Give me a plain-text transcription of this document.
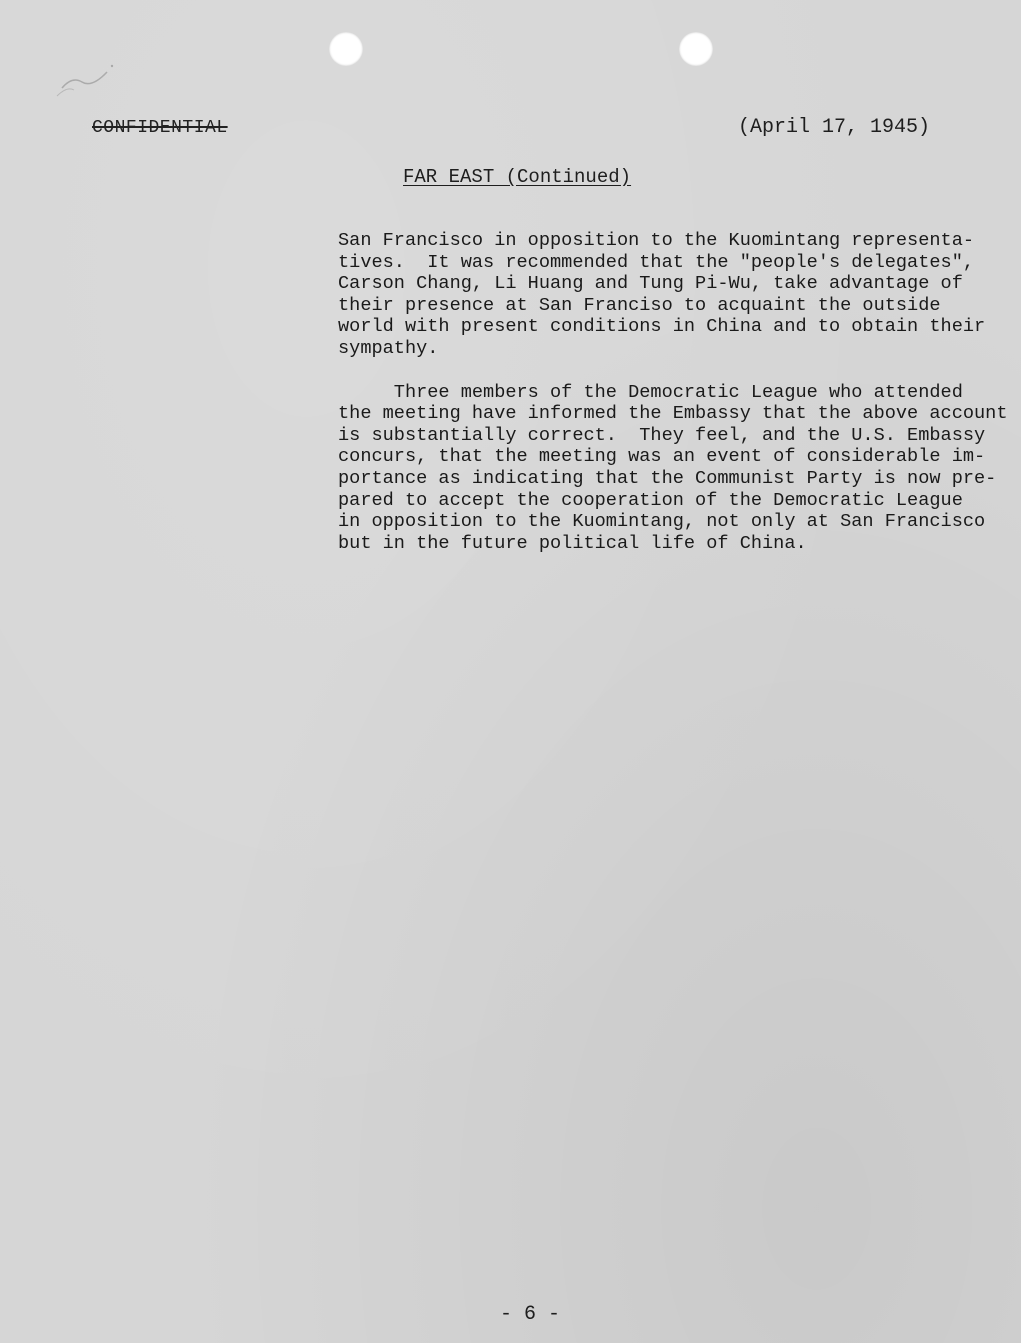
CONFIDENTIAL	(April 17, 1945)
FAR EAST (Continued)
San Francisco in opposition to the Kuomintang representa-
tives.  It was recommended that the "people's delegates",
Carson Chang, Li Huang and Tung Pi-Wu, take advantage of
their presence at San Franciso to acquaint the outside
world with present conditions in China and to obtain their
sympathy.
Three members of the Democratic League who attended
the meeting have informed the Embassy that the above account
is substantially correct.  They feel, and the U.S. Embassy
concurs, that the meeting was an event of considerable im-
portance as indicating that the Communist Party is now pre-
pared to accept the cooperation of the Democratic League
in opposition to the Kuomintang, not only at San Francisco
but in the future political life of China.
- 6 -
